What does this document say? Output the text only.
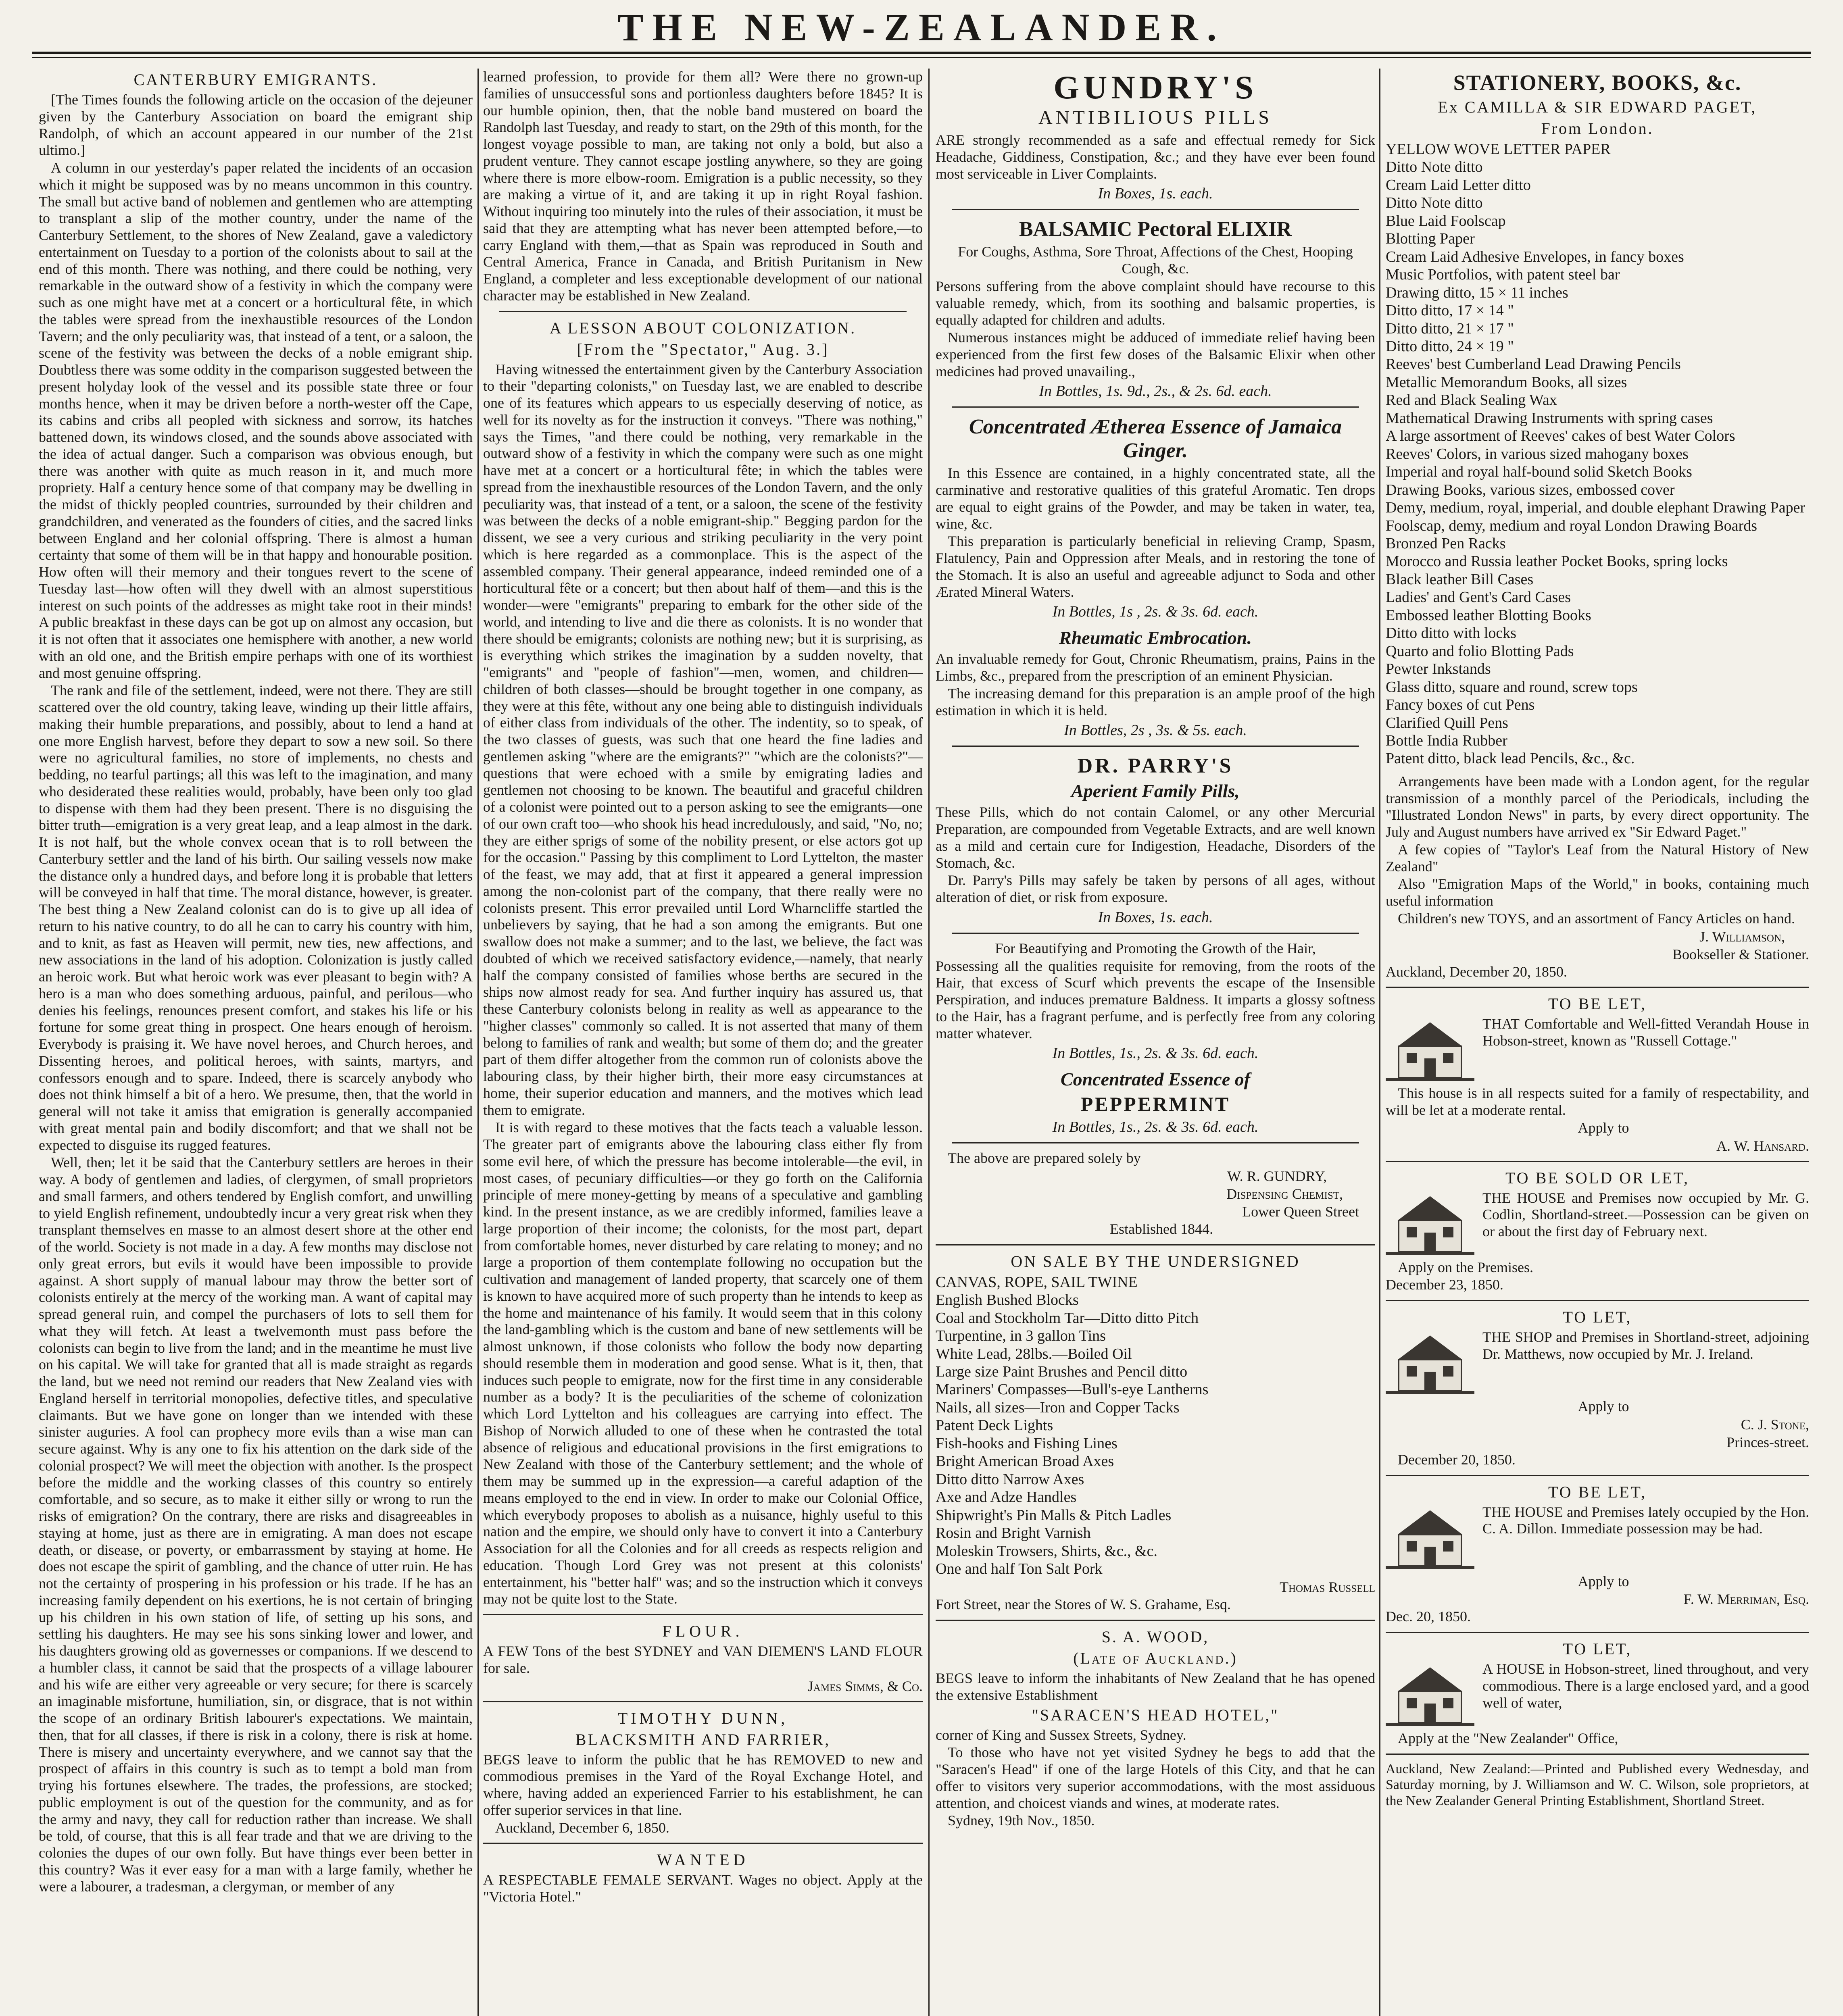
THE NEW-ZEALANDER.

CANTERBURY EMIGRANTS.

[The Times founds the following article on the occasion of the dejeuner given by the Canterbury Association on board the emigrant ship Randolph, of which an account appeared in our number of the 21st ultimo.]

A column in our yesterday's paper related the incidents of an occasion which it might be supposed was by no means uncommon in this country. The small but active band of noblemen and gentlemen who are attempting to transplant a slip of the mother country, under the name of the Canterbury Settlement, to the shores of New Zealand, gave a valedictory entertainment on Tuesday to a portion of the colonists about to sail at the end of this month. There was nothing, and there could be nothing, very remarkable in the outward show of a festivity in which the company were such as one might have met at a concert or a horticultural fête, in which the tables were spread from the inexhaustible resources of the London Tavern; and the only peculiarity was, that instead of a tent, or a saloon, the scene of the festivity was between the decks of a noble emigrant ship. Doubtless there was some oddity in the comparison suggested between the present holyday look of the vessel and its possible state three or four months hence, when it may be driven before a north-wester off the Cape, its cabins and cribs all peopled with sickness and sorrow, its hatches battened down, its windows closed, and the sounds above associated with the idea of actual danger. Such a comparison was obvious enough, but there was another with quite as much reason in it, and much more propriety. Half a century hence some of that company may be dwelling in the midst of thickly peopled countries, surrounded by their children and grandchildren, and venerated as the founders of cities, and the sacred links between England and her colonial offspring. There is almost a human certainty that some of them will be in that happy and honourable position. How often will their memory and their tongues revert to the scene of Tuesday last—how often will they dwell with an almost superstitious interest on such points of the addresses as might take root in their minds! A public breakfast in these days can be got up on almost any occasion, but it is not often that it associates one hemisphere with another, a new world with an old one, and the British empire perhaps with one of its worthiest and most genuine offspring.

The rank and file of the settlement, indeed, were not there. They are still scattered over the old country, taking leave, winding up their little affairs, making their humble preparations, and possibly, about to lend a hand at one more English harvest, before they depart to sow a new soil. So there were no agricultural families, no store of implements, no chests and bedding, no tearful partings; all this was left to the imagination, and many who desiderated these realities would, probably, have been only too glad to dispense with them had they been present. There is no disguising the bitter truth—emigration is a very great leap, and a leap almost in the dark. It is not half, but the whole convex ocean that is to roll between the Canterbury settler and the land of his birth. Our sailing vessels now make the distance only a hundred days, and before long it is probable that letters will be conveyed in half that time. The moral distance, however, is greater. The best thing a New Zealand colonist can do is to give up all idea of return to his native country, to do all he can to carry his country with him, and to knit, as fast as Heaven will permit, new ties, new affections, and new associations in the land of his adoption. Colonization is justly called an heroic work. But what heroic work was ever pleasant to begin with? A hero is a man who does something arduous, painful, and perilous—who denies his feelings, renounces present comfort, and stakes his life or his fortune for some great thing in prospect. One hears enough of heroism. Everybody is praising it. We have novel heroes, and Church heroes, and Dissenting heroes, and political heroes, with saints, martyrs, and confessors enough and to spare. Indeed, there is scarcely anybody who does not think himself a bit of a hero. We presume, then, that the world in general will not take it amiss that emigration is generally accompanied with great mental pain and bodily discomfort; and that we shall not be expected to disguise its rugged features.

Well, then; let it be said that the Canterbury settlers are heroes in their way. A body of gentlemen and ladies, of clergymen, of small proprietors and small farmers, and others tendered by English comfort, and unwilling to yield English refinement, undoubtedly incur a very great risk when they transplant themselves en masse to an almost desert shore at the other end of the world. Society is not made in a day. A few months may disclose not only great errors, but evils it would have been impossible to provide against. A short supply of manual labour may throw the better sort of colonists entirely at the mercy of the working man. A want of capital may spread general ruin, and compel the purchasers of lots to sell them for what they will fetch. At least a twelvemonth must pass before the colonists can begin to live from the land; and in the meantime he must live on his capital. We will take for granted that all is made straight as regards the land, but we need not remind our readers that New Zealand vies with England herself in territorial monopolies, defective titles, and speculative claimants. But we have gone on longer than we intended with these sinister auguries. A fool can prophecy more evils than a wise man can secure against. Why is any one to fix his attention on the dark side of the colonial prospect? We will meet the objection with another. Is the prospect before the middle and the working classes of this country so entirely comfortable, and so secure, as to make it either silly or wrong to run the risks of emigration? On the contrary, there are risks and disagreeables in staying at home, just as there are in emigrating. A man does not escape death, or disease, or poverty, or embarrassment by staying at home. He does not escape the spirit of gambling, and the chance of utter ruin. He has not the certainty of prospering in his profession or his trade. If he has an increasing family dependent on his exertions, he is not certain of bringing up his children in his own station of life, of setting up his sons, and settling his daughters. He may see his sons sinking lower and lower, and his daughters growing old as governesses or companions. If we descend to a humbler class, it cannot be said that the prospects of a village labourer and his wife are either very agreeable or very secure; for there is scarcely an imaginable misfortune, humiliation, sin, or disgrace, that is not within the scope of an ordinary British labourer's expectations. We maintain, then, that for all classes, if there is risk in a colony, there is risk at home. There is misery and uncertainty everywhere, and we cannot say that the prospect of affairs in this country is such as to tempt a bold man from trying his fortunes elsewhere. The trades, the professions, are stocked; public employment is out of the question for the community, and as for the army and navy, they call for reduction rather than increase. We shall be told, of course, that this is all fear trade and that we are driving to the colonies the dupes of our own folly. But have things ever been better in this country? Was it ever easy for a man with a large family, whether he were a labourer, a tradesman, a clergyman, or member of any

learned profession, to provide for them all? Were there no grown-up families of unsuccessful sons and portionless daughters before 1845? It is our humble opinion, then, that the noble band mustered on board the Randolph last Tuesday, and ready to start, on the 29th of this month, for the longest voyage possible to man, are taking not only a bold, but also a prudent venture. They cannot escape jostling anywhere, so they are going where there is more elbow-room. Emigration is a public necessity, so they are making a virtue of it, and are taking it up in right Royal fashion. Without inquiring too minutely into the rules of their association, it must be said that they are attempting what has never been attempted before,—to carry England with them,—that as Spain was reproduced in South and Central America, France in Canada, and British Puritanism in New England, a completer and less exceptionable development of our national character may be established in New Zealand.

A LESSON ABOUT COLONIZATION.

[From the "Spectator," Aug. 3.]

Having witnessed the entertainment given by the Canterbury Association to their "departing colonists," on Tuesday last, we are enabled to describe one of its features which appears to us especially deserving of notice, as well for its novelty as for the instruction it conveys. "There was nothing," says the Times, "and there could be nothing, very remarkable in the outward show of a festivity in which the company were such as one might have met at a concert or a horticultural fête; in which the tables were spread from the inexhaustible resources of the London Tavern, and the only peculiarity was, that instead of a tent, or a saloon, the scene of the festivity was between the decks of a noble emigrant-ship." Begging pardon for the dissent, we see a very curious and striking peculiarity in the very point which is here regarded as a commonplace. This is the aspect of the assembled company. Their general appearance, indeed reminded one of a horticultural fête or a concert; but then about half of them—and this is the wonder—were "emigrants" preparing to embark for the other side of the world, and intending to live and die there as colonists. It is no wonder that there should be emigrants; colonists are nothing new; but it is surprising, as is everything which strikes the imagination by a sudden novelty, that "emigrants" and "people of fashion"—men, women, and children—children of both classes—should be brought together in one company, as they were at this fête, without any one being able to distinguish individuals of either class from individuals of the other. The indentity, so to speak, of the two classes of guests, was such that one heard the fine ladies and gentlemen asking "where are the emigrants?" "which are the colonists?"—questions that were echoed with a smile by emigrating ladies and gentlemen not choosing to be known. The beautiful and graceful children of a colonist were pointed out to a person asking to see the emigrants—one of our own craft too—who shook his head incredulously, and said, "No, no; they are either sprigs of some of the nobility present, or else actors got up for the occasion." Passing by this compliment to Lord Lyttelton, the master of the feast, we may add, that at first it appeared a general impression among the non-colonist part of the company, that there really were no colonists present. This error prevailed until Lord Wharncliffe startled the unbelievers by saying, that he had a son among the emigrants. But one swallow does not make a summer; and to the last, we believe, the fact was doubted of which we received satisfactory evidence,—namely, that nearly half the company consisted of families whose berths are secured in the ships now almost ready for sea. And further inquiry has assured us, that these Canterbury colonists belong in reality as well as appearance to the "higher classes" commonly so called. It is not asserted that many of them belong to families of rank and wealth; but some of them do; and the greater part of them differ altogether from the common run of colonists above the labouring class, by their higher birth, their more easy circumstances at home, their superior education and manners, and the motives which lead them to emigrate.

It is with regard to these motives that the facts teach a valuable lesson. The greater part of emigrants above the labouring class either fly from some evil here, of which the pressure has become intolerable—the evil, in most cases, of pecuniary difficulties—or they go forth on the California principle of mere money-getting by means of a speculative and gambling kind. In the present instance, as we are credibly informed, families leave a large proportion of their income; the colonists, for the most part, depart from comfortable homes, never disturbed by care relating to money; and no large a proportion of them contemplate following no occupation but the cultivation and management of landed property, that scarcely one of them is known to have acquired more of such property than he intends to keep as the home and maintenance of his family. It would seem that in this colony the land-gambling which is the custom and bane of new settlements will be almost unknown, if those colonists who follow the body now departing should resemble them in moderation and good sense. What is it, then, that induces such people to emigrate, now for the first time in any considerable number as a body? It is the peculiarities of the scheme of colonization which Lord Lyttelton and his colleagues are carrying into effect. The Bishop of Norwich alluded to one of these when he contrasted the total absence of religious and educational provisions in the first emigrations to New Zealand with those of the Canterbury settlement; and the whole of them may be summed up in the expression—a careful adaption of the means employed to the end in view. In order to make our Colonial Office, which everybody proposes to abolish as a nuisance, highly useful to this nation and the empire, we should only have to convert it into a Canterbury Association for all the Colonies and for all creeds as respects religion and education. Though Lord Grey was not present at this colonists' entertainment, his "better half" was; and so the instruction which it conveys may not be quite lost to the State.

FLOUR.

A FEW Tons of the best SYDNEY and VAN DIEMEN'S LAND FLOUR for sale.

James Simms, & Co.

TIMOTHY DUNN,

BLACKSMITH AND FARRIER,

BEGS leave to inform the public that he has REMOVED to new and commodious premises in the Yard of the Royal Exchange Hotel, and where, having added an experienced Farrier to his establishment, he can offer superior services in that line.

Auckland, December 6, 1850.

WANTED

A RESPECTABLE FEMALE SERVANT. Wages no object. Apply at the "Victoria Hotel."

GUNDRY'S

ANTIBILIOUS PILLS

ARE strongly recommended as a safe and effectual remedy for Sick Headache, Giddiness, Constipation, &c.; and they have ever been found most serviceable in Liver Complaints.

In Boxes, 1s. each.

BALSAMIC Pectoral ELIXIR

For Coughs, Asthma, Sore Throat, Affections of the Chest, Hooping Cough, &c.

Persons suffering from the above complaint should have recourse to this valuable remedy, which, from its soothing and balsamic properties, is equally adapted for children and adults.

Numerous instances might be adduced of immediate relief having been experienced from the first few doses of the Balsamic Elixir when other medicines had proved unavailing.,

In Bottles, 1s. 9d., 2s., & 2s. 6d. each.

Concentrated Ætherea Essence of Jamaica Ginger.

In this Essence are contained, in a highly concentrated state, all the carminative and restorative qualities of this grateful Aromatic. Ten drops are equal to eight grains of the Powder, and may be taken in water, tea, wine, &c.

This preparation is particularly beneficial in relieving Cramp, Spasm, Flatulency, Pain and Oppression after Meals, and in restoring the tone of the Stomach. It is also an useful and agreeable adjunct to Soda and other Ærated Mineral Waters.

In Bottles, 1s , 2s. & 3s. 6d. each.

Rheumatic Embrocation.

An invaluable remedy for Gout, Chronic Rheumatism, prains, Pains in the Limbs, &c., prepared from the prescription of an eminent Physician.

The increasing demand for this preparation is an ample proof of the high estimation in which it is held.

In Bottles, 2s , 3s. & 5s. each.

DR. PARRY'S

Aperient Family Pills,

These Pills, which do not contain Calomel, or any other Mercurial Preparation, are compounded from Vegetable Extracts, and are well known as a mild and certain cure for Indigestion, Headache, Disorders of the Stomach, &c.

Dr. Parry's Pills may safely be taken by persons of all ages, without alteration of diet, or risk from exposure.

In Boxes, 1s. each.

For Beautifying and Promoting the Growth of the Hair,

Possessing all the qualities requisite for removing, from the roots of the Hair, that excess of Scurf which prevents the escape of the Insensible Perspiration, and induces premature Baldness. It imparts a glossy softness to the Hair, has a fragrant perfume, and is perfectly free from any coloring matter whatever.

In Bottles, 1s., 2s. & 3s. 6d. each.

Concentrated Essence of

PEPPERMINT

In Bottles, 1s., 2s. & 3s. 6d. each.

The above are prepared solely by

W. R. GUNDRY,

Dispensing Chemist,

Lower Queen Street

Established 1844.

ON SALE BY THE UNDERSIGNED

CANVAS, ROPE, SAIL TWINE

English Bushed Blocks

Coal and Stockholm Tar—Ditto ditto Pitch

Turpentine, in 3 gallon Tins

White Lead, 28lbs.—Boiled Oil

Large size Paint Brushes and Pencil ditto

Mariners' Compasses—Bull's-eye Lantherns

Nails, all sizes—Iron and Copper Tacks

Patent Deck Lights

Fish-hooks and Fishing Lines

Bright American Broad Axes

Ditto ditto Narrow Axes

Axe and Adze Handles

Shipwright's Pin Malls & Pitch Ladles

Rosin and Bright Varnish

Moleskin Trowsers, Shirts, &c., &c.

One and half Ton Salt Pork

Thomas Russell

Fort Street, near the Stores of W. S. Grahame, Esq.

S. A. WOOD,

(Late of Auckland.)

BEGS leave to inform the inhabitants of New Zealand that he has opened the extensive Establishment

"SARACEN'S HEAD HOTEL,"

corner of King and Sussex Streets, Sydney.

To those who have not yet visited Sydney he begs to add that the "Saracen's Head" if one of the large Hotels of this City, and that he can offer to visitors very superior accommodations, with the most assiduous attention, and choicest viands and wines, at moderate rates.

Sydney, 19th Nov., 1850.

STATIONERY, BOOKS, &c.

Ex CAMILLA & SIR EDWARD PAGET,

From London.

YELLOW WOVE LETTER PAPER

Ditto Note ditto

Cream Laid Letter ditto

Ditto Note ditto

Blue Laid Foolscap

Blotting Paper

Cream Laid Adhesive Envelopes, in fancy boxes

Music Portfolios, with patent steel bar

Drawing ditto, 15 × 11 inches

Ditto ditto, 17 × 14 "

Ditto ditto, 21 × 17 "

Ditto ditto, 24 × 19 "

Reeves' best Cumberland Lead Drawing Pencils

Metallic Memorandum Books, all sizes

Red and Black Sealing Wax

Mathematical Drawing Instruments with spring cases

A large assortment of Reeves' cakes of best Water Colors

Reeves' Colors, in various sized mahogany boxes

Imperial and royal half-bound solid Sketch Books

Drawing Books, various sizes, embossed cover

Demy, medium, royal, imperial, and double elephant Drawing Paper

Foolscap, demy, medium and royal London Drawing Boards

Bronzed Pen Racks

Morocco and Russia leather Pocket Books, spring locks

Black leather Bill Cases

Ladies' and Gent's Card Cases

Embossed leather Blotting Books

Ditto ditto with locks

Quarto and folio Blotting Pads

Pewter Inkstands

Glass ditto, square and round, screw tops

Fancy boxes of cut Pens

Clarified Quill Pens

Bottle India Rubber

Patent ditto, black lead Pencils, &c., &c.

Arrangements have been made with a London agent, for the regular transmission of a monthly parcel of the Periodicals, including the "Illustrated London News" in parts, by every direct opportunity. The July and August numbers have arrived ex "Sir Edward Paget."

A few copies of "Taylor's Leaf from the Natural History of New Zealand"

Also "Emigration Maps of the World," in books, containing much useful information

Children's new TOYS, and an assortment of Fancy Articles on hand.

J. Williamson,

Bookseller & Stationer.

Auckland, December 20, 1850.

TO BE LET,

THAT Comfortable and Well-fitted Verandah House in Hobson-street, known as "Russell Cottage."

This house is in all respects suited for a family of respectability, and will be let at a moderate rental.

Apply to

A. W. Hansard.

TO BE SOLD OR LET,

THE HOUSE and Premises now occupied by Mr. G. Codlin, Shortland-street.—Possession can be given on or about the first day of February next.

Apply on the Premises.

December 23, 1850.

TO LET,

THE SHOP and Premises in Shortland-street, adjoining Dr. Matthews, now occupied by Mr. J. Ireland.

Apply to

C. J. Stone,

Princes-street.

December 20, 1850.

TO BE LET,

THE HOUSE and Premises lately occupied by the Hon. C. A. Dillon. Immediate possession may be had.

Apply to

F. W. Merriman, Esq.

Dec. 20, 1850.

TO LET,

A HOUSE in Hobson-street, lined throughout, and very commodious. There is a large enclosed yard, and a good well of water,

Apply at the "New Zealander" Office,

Auckland, New Zealand:—Printed and Published every Wednesday, and Saturday morning, by J. Williamson and W. C. Wilson, sole proprietors, at the New Zealander General Printing Establishment, Shortland Street.
